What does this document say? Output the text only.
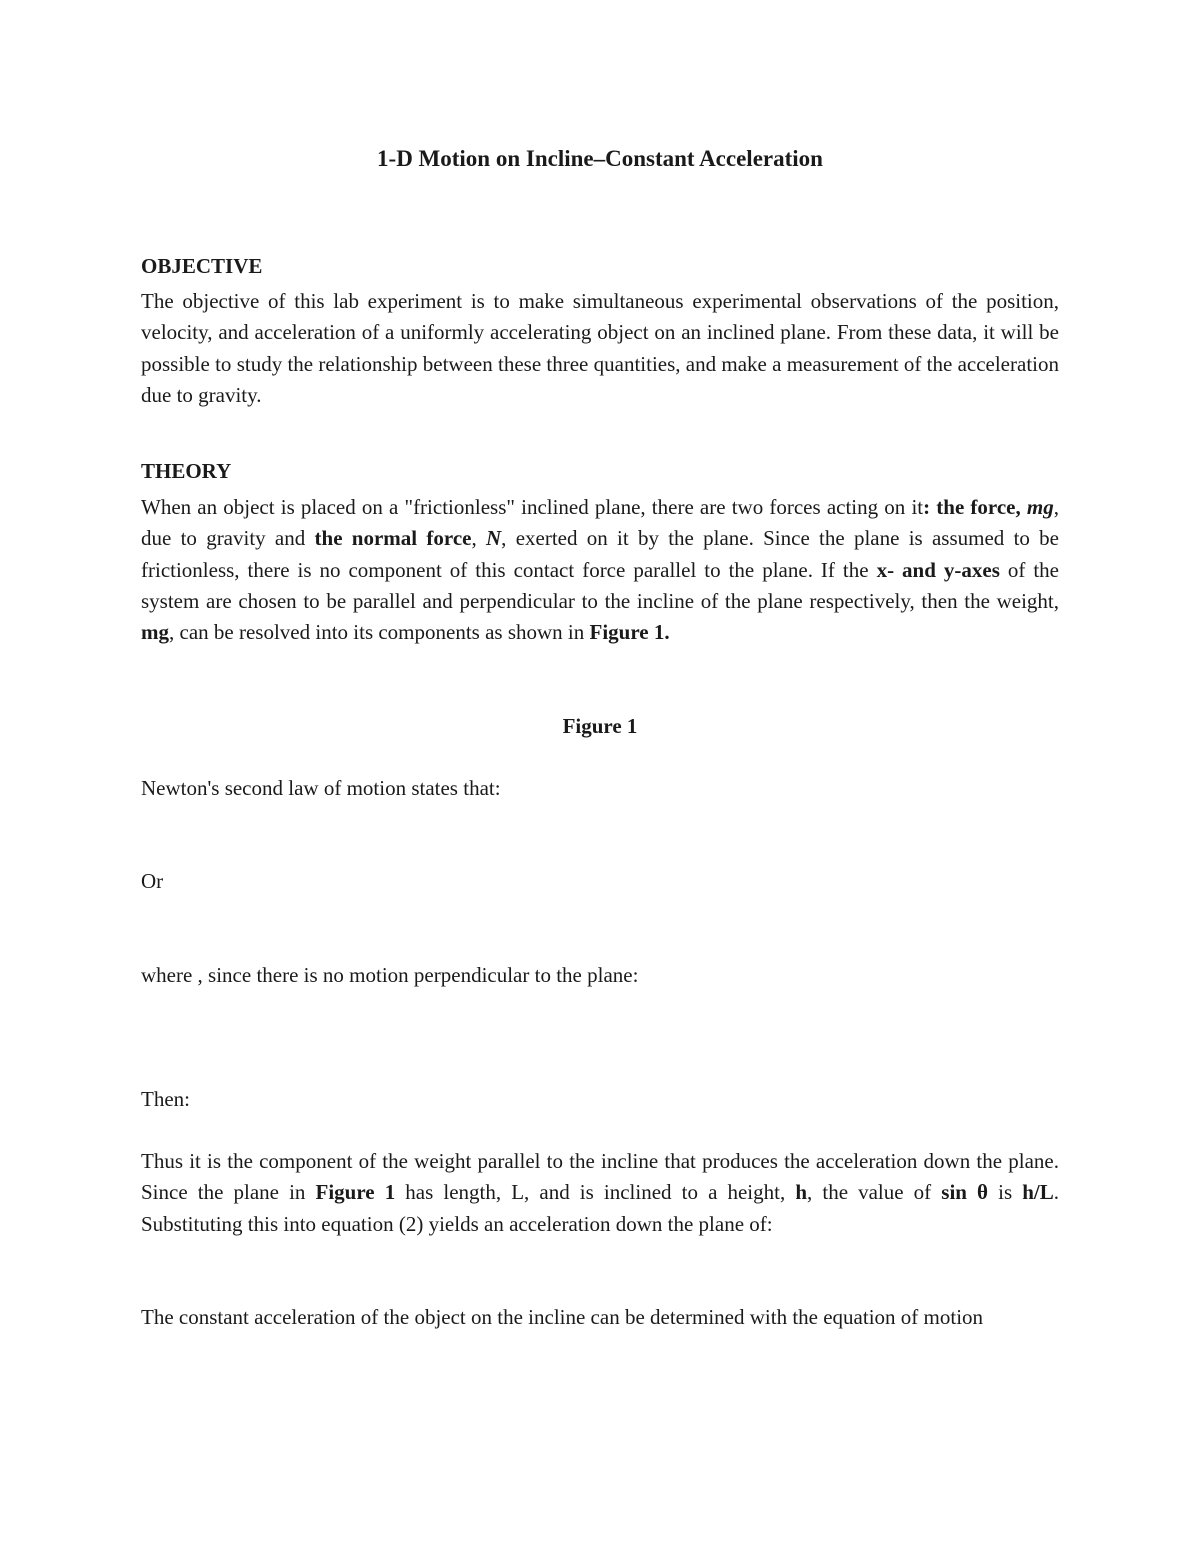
1-D Motion on Incline–Constant Acceleration

OBJECTIVE

The objective of this lab experiment is to make simultaneous experimental observations of the position, velocity, and acceleration of a uniformly accelerating object on an inclined plane. From these data, it will be possible to study the relationship between these three quantities, and make a measurement of the acceleration due to gravity.

THEORY

When an object is placed on a "frictionless" inclined plane, there are two forces acting on it: the force, mg, due to gravity and the normal force, N, exerted on it by the plane. Since the plane is assumed to be frictionless, there is no component of this contact force parallel to the plane. If the x- and y-axes of the system are chosen to be parallel and perpendicular to the incline of the plane respectively, then the weight, mg, can be resolved into its components as shown in Figure 1.

Figure 1

Newton's second law of motion states that:

Or

where , since there is no motion perpendicular to the plane:

Then:

Thus it is the component of the weight parallel to the incline that produces the acceleration down the plane. Since the plane in Figure 1 has length, L, and is inclined to a height, h, the value of sin θ is h/L. Substituting this into equation (2) yields an acceleration down the plane of:

The constant acceleration of the object on the incline can be determined with the equation of motion
